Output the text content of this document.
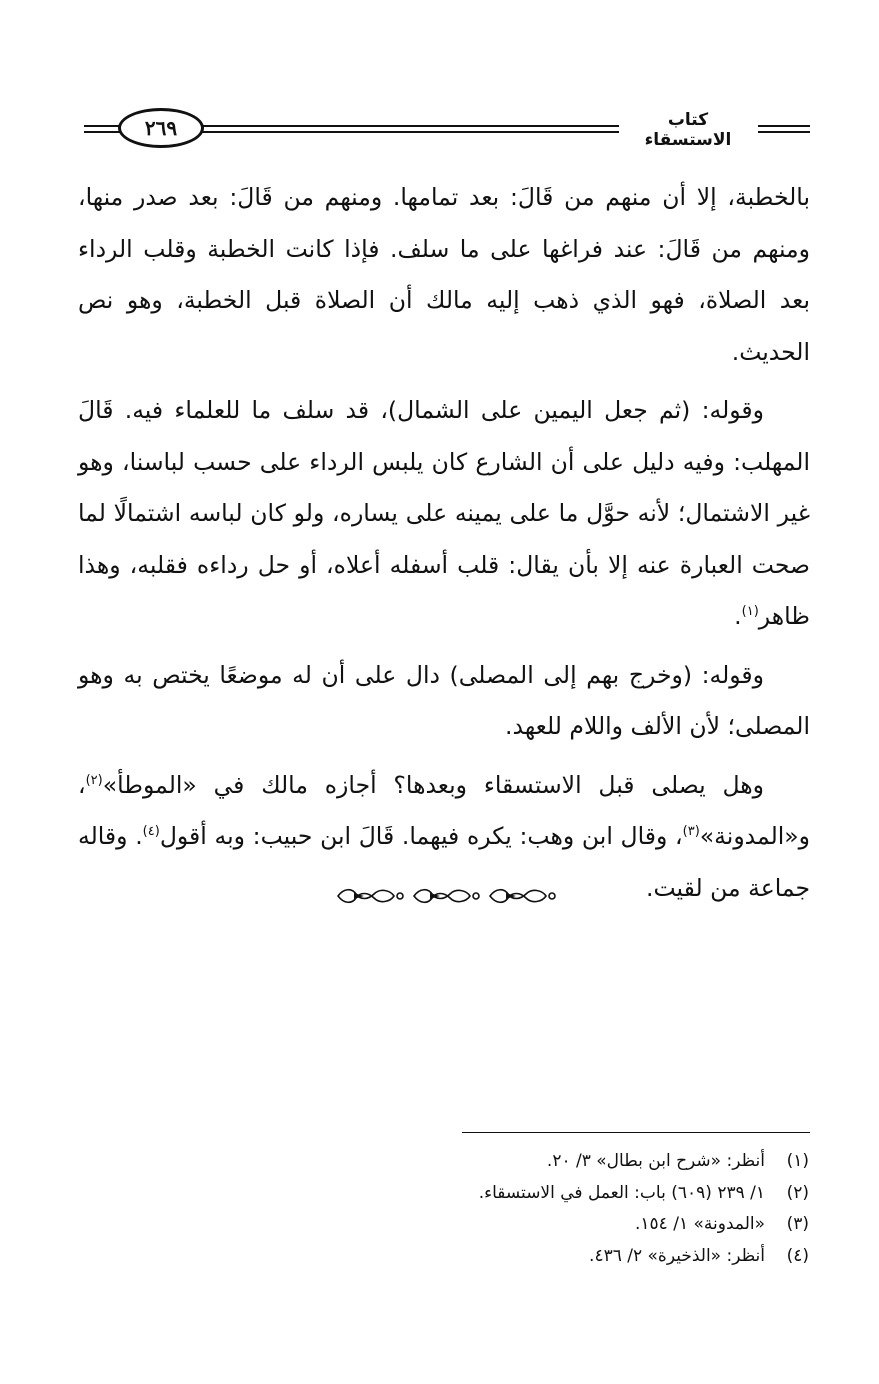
٢٦٩	كتاب الاستسقاء

بالخطبة، إلا أن منهم من قَالَ: بعد تمامها. ومنهم من قَالَ: بعد صدر منها، ومنهم من قَالَ: عند فراغها على ما سلف. فإذا كانت الخطبة وقلب الرداء بعد الصلاة، فهو الذي ذهب إليه مالك أن الصلاة قبل الخطبة، وهو نص الحديث.

وقوله: (ثم جعل اليمين على الشمال)، قد سلف ما للعلماء فيه. قَالَ المهلب: وفيه دليل على أن الشارع كان يلبس الرداء على حسب لباسنا، وهو غير الاشتمال؛ لأنه حوَّل ما على يمينه على يساره، ولو كان لباسه اشتمالًا لما صحت العبارة عنه إلا بأن يقال: قلب أسفله أعلاه، أو حل رداءه فقلبه، وهذا ظاهر$^{(١)}$.

وقوله: (وخرج بهم إلى المصلى) دال على أن له موضعًا يختص به وهو المصلى؛ لأن الألف واللام للعهد.

وهل يصلى قبل الاستسقاء وبعدها؟ أجازه مالك في «الموطأ»$^{(٢)}$، و«المدونة»$^{(٣)}$، وقال ابن وهب: يكره فيهما. قَالَ ابن حبيب: وبه أقول$^{(٤)}$. وقاله جماعة من لقيت.

(١)أنظر: «شرح ابن بطال» ٣/ ٢٠.
(٢)١/ ٢٣٩ (٦٠٩) باب: العمل في الاستسقاء.
(٣)«المدونة» ١/ ١٥٤.
(٤)أنظر: «الذخيرة» ٢/ ٤٣٦.
